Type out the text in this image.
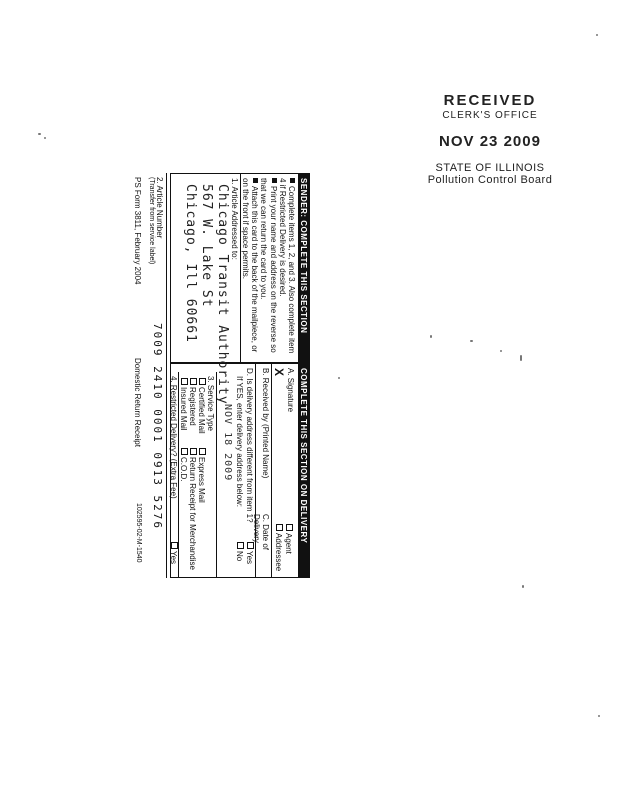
RECEIVED
CLERK'S OFFICE
NOV 23 2009
STATE OF ILLINOIS
Pollution Control Board
SENDER: COMPLETE THIS SECTION
Complete items 1, 2, and 3. Also complete item 4 if Restricted Delivery is desired.
Print your name and address on the reverse so that we can return the card to you.
Attach this card to the back of the mailpiece, or on the front if space permits.
1. Article Addressed to:
Chicago Transit Authority
567 W. Lake St
Chicago, Ill 60661
COMPLETE THIS SECTION ON DELIVERY
A. Signature
X
Agent
Addressee
B. Received by (Printed Name)
C. Date of Delivery
D. Is delivery address different from item 1?
Yes
If YES, enter delivery address below:
No
NOV 18 2009
3. Service Type
Certified Mail
Express Mail
Registered
Return Receipt for Merchandise
Insured Mail
C.O.D.
4. Restricted Delivery? (Extra Fee)
Yes
2. Article Number
(Transfer from service label)
7009 2410 0001 0913 5276
PS Form 3811, February 2004
Domestic Return Receipt
102595-02-M-1540
